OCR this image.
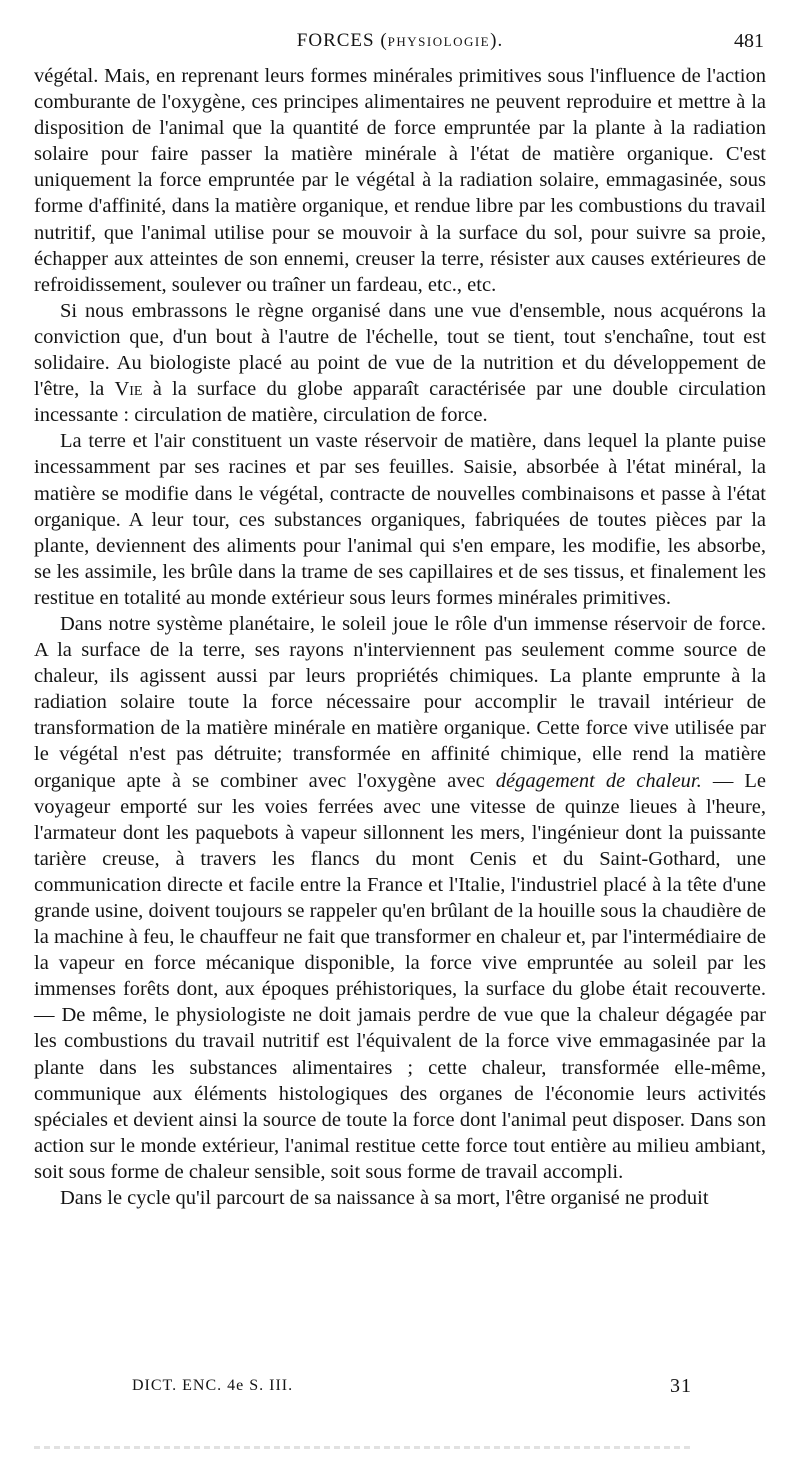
FORCES (PHYSIOLOGIE).	481

végétal. Mais, en reprenant leurs formes minérales primitives sous l'influence de l'action comburante de l'oxygène, ces principes alimentaires ne peuvent reproduire et mettre à la disposition de l'animal que la quantité de force empruntée par la plante à la radiation solaire pour faire passer la matière minérale à l'état de matière organique. C'est uniquement la force empruntée par le végétal à la radiation solaire, emmagasinée, sous forme d'affinité, dans la matière organique, et rendue libre par les combustions du travail nutritif, que l'animal utilise pour se mouvoir à la surface du sol, pour suivre sa proie, échapper aux atteintes de son ennemi, creuser la terre, résister aux causes extérieures de refroidissement, soulever ou traîner un fardeau, etc., etc.

Si nous embrassons le règne organisé dans une vue d'ensemble, nous acquérons la conviction que, d'un bout à l'autre de l'échelle, tout se tient, tout s'enchaîne, tout est solidaire. Au biologiste placé au point de vue de la nutrition et du développement de l'être, la Vie à la surface du globe apparaît caractérisée par une double circulation incessante : circulation de matière, circulation de force.

La terre et l'air constituent un vaste réservoir de matière, dans lequel la plante puise incessamment par ses racines et par ses feuilles. Saisie, absorbée à l'état minéral, la matière se modifie dans le végétal, contracte de nouvelles combinaisons et passe à l'état organique. A leur tour, ces substances organiques, fabriquées de toutes pièces par la plante, deviennent des aliments pour l'animal qui s'en empare, les modifie, les absorbe, se les assimile, les brûle dans la trame de ses capillaires et de ses tissus, et finalement les restitue en totalité au monde extérieur sous leurs formes minérales primitives.

Dans notre système planétaire, le soleil joue le rôle d'un immense réservoir de force. A la surface de la terre, ses rayons n'interviennent pas seulement comme source de chaleur, ils agissent aussi par leurs propriétés chimiques. La plante emprunte à la radiation solaire toute la force nécessaire pour accomplir le travail intérieur de transformation de la matière minérale en matière organique. Cette force vive utilisée par le végétal n'est pas détruite; transformée en affinité chimique, elle rend la matière organique apte à se combiner avec l'oxygène avec dégagement de chaleur. — Le voyageur emporté sur les voies ferrées avec une vitesse de quinze lieues à l'heure, l'armateur dont les paquebots à vapeur sillonnent les mers, l'ingénieur dont la puissante tarière creuse, à travers les flancs du mont Cenis et du Saint-Gothard, une communication directe et facile entre la France et l'Italie, l'industriel placé à la tête d'une grande usine, doivent toujours se rappeler qu'en brûlant de la houille sous la chaudière de la machine à feu, le chauffeur ne fait que transformer en chaleur et, par l'intermédiaire de la vapeur en force mécanique disponible, la force vive empruntée au soleil par les immenses forêts dont, aux époques préhistoriques, la surface du globe était recouverte. — De même, le physiologiste ne doit jamais perdre de vue que la chaleur dégagée par les combustions du travail nutritif est l'équivalent de la force vive emmagasinée par la plante dans les substances alimentaires ; cette chaleur, transformée elle-même, communique aux éléments histologiques des organes de l'économie leurs activités spéciales et devient ainsi la source de toute la force dont l'animal peut disposer. Dans son action sur le monde extérieur, l'animal restitue cette force tout entière au milieu ambiant, soit sous forme de chaleur sensible, soit sous forme de travail accompli.

Dans le cycle qu'il parcourt de sa naissance à sa mort, l'être organisé ne produit

DICT. ENC. 4e S. III.	31
